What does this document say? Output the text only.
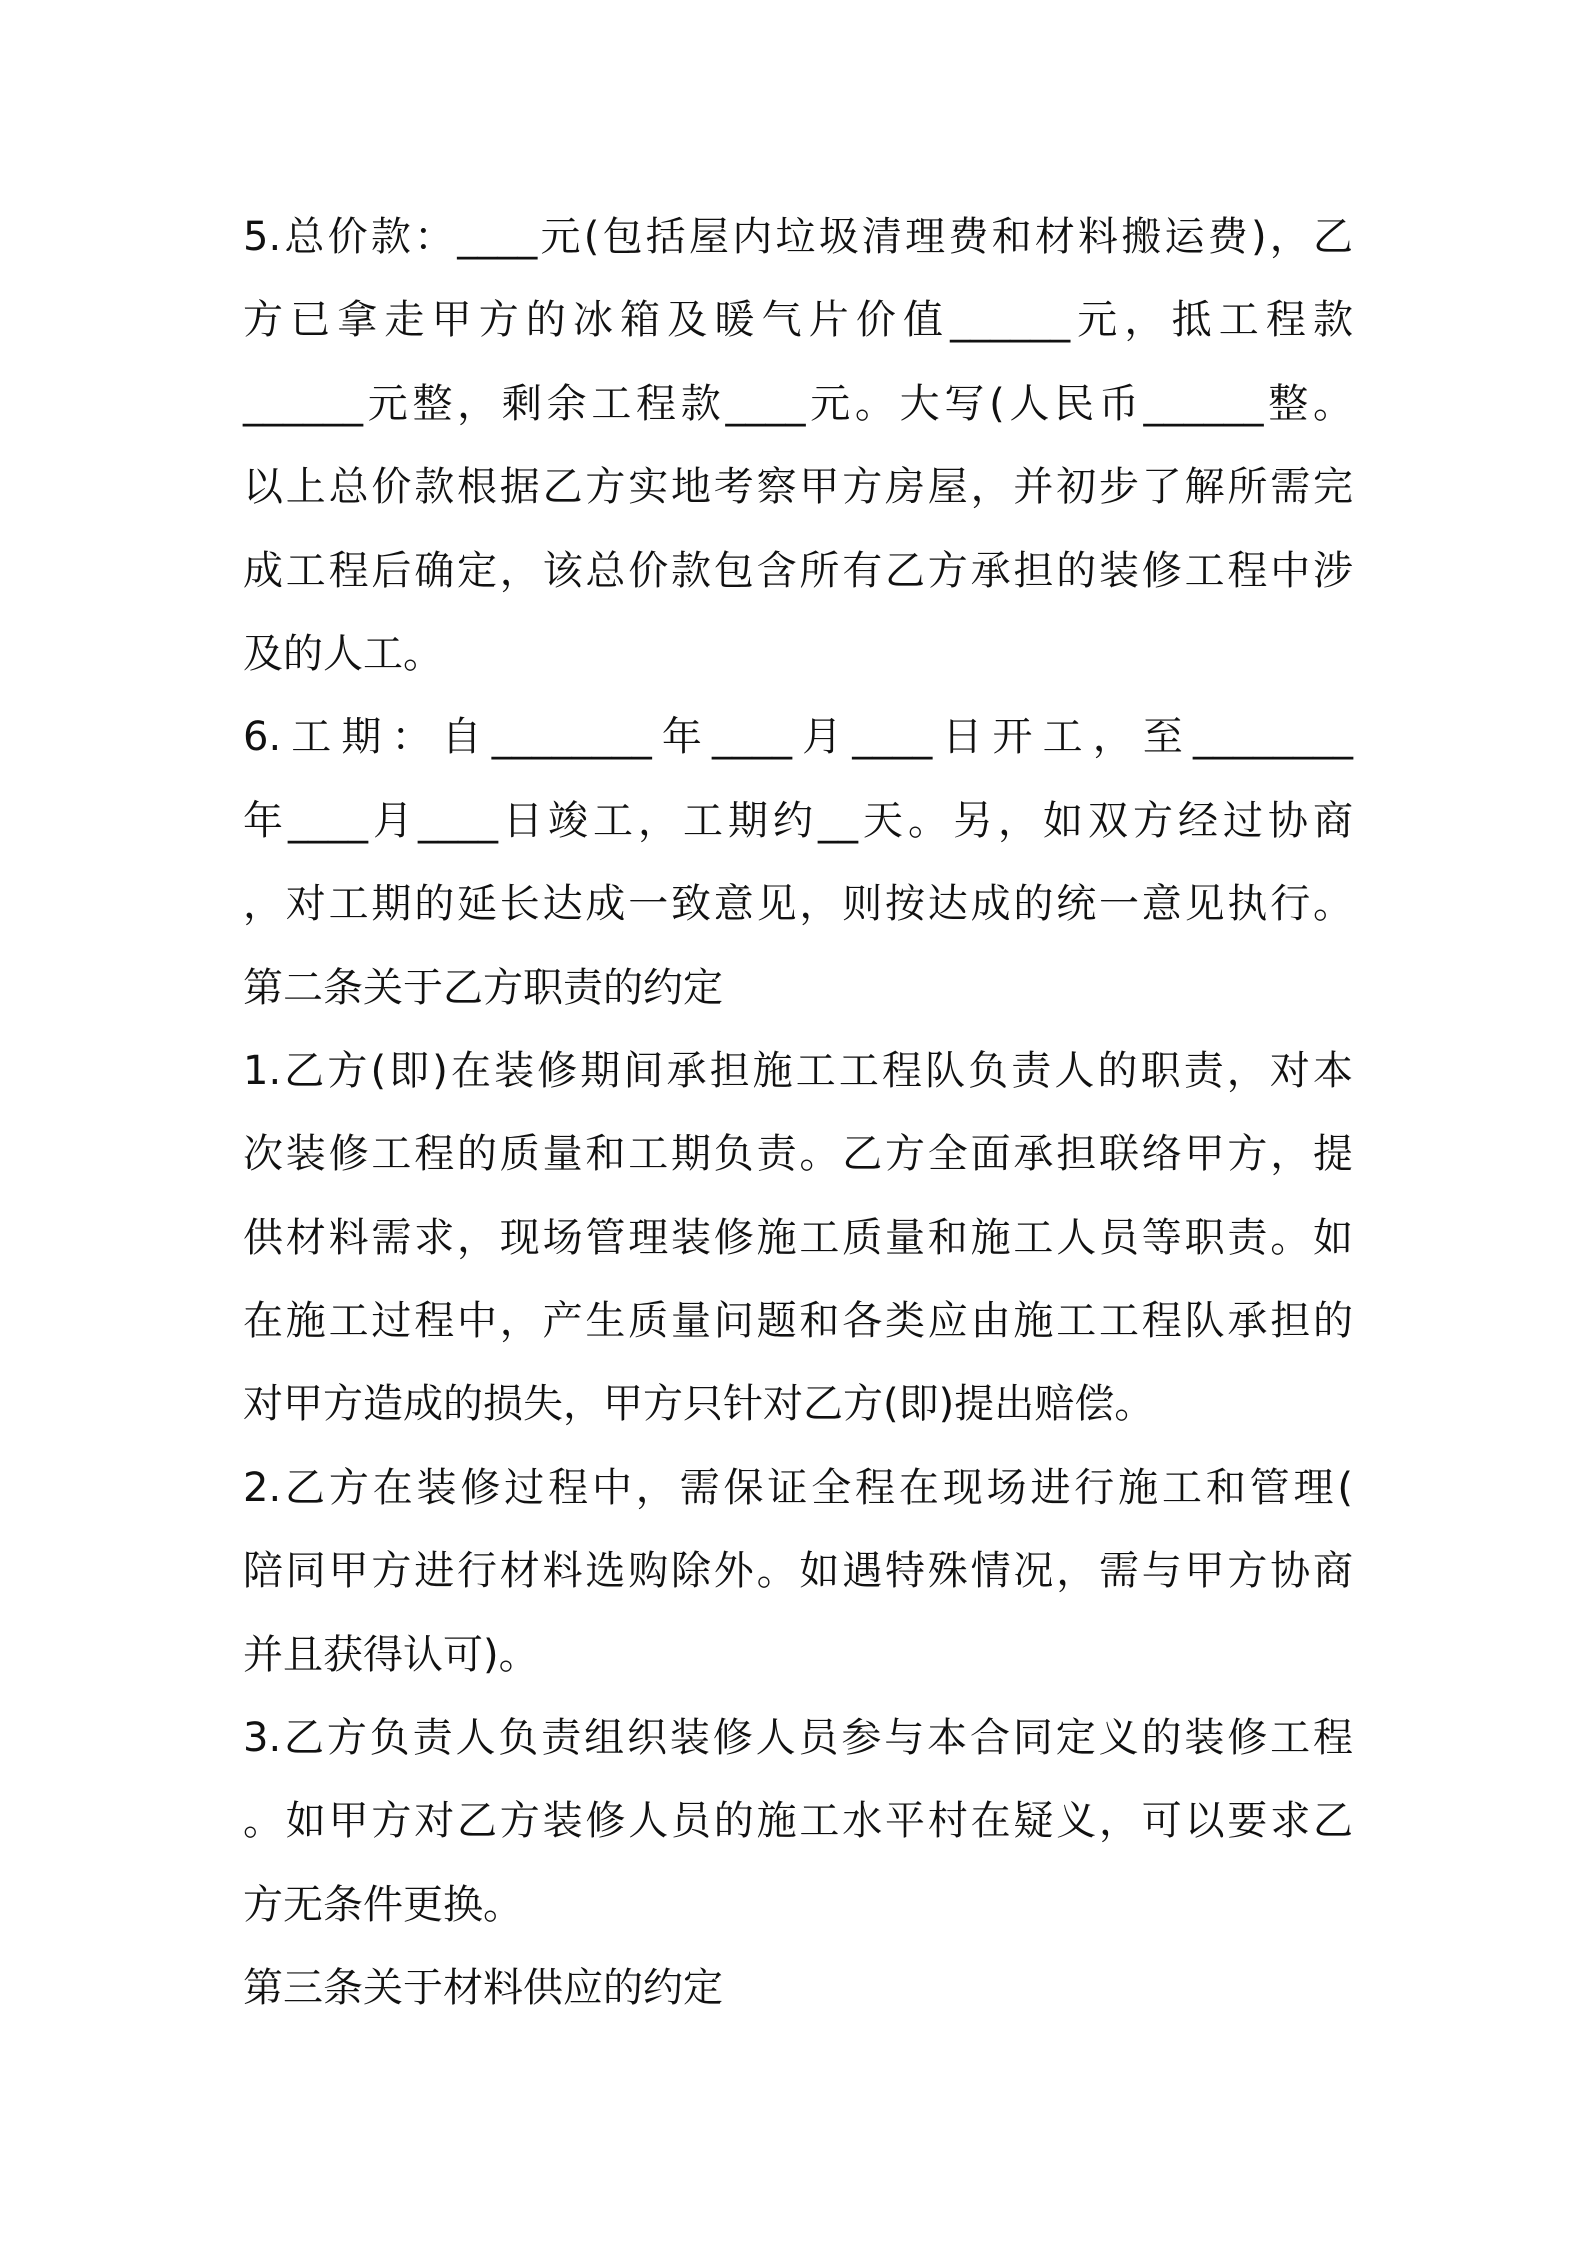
5.总价款：____元(包括屋内垃圾清理费和材料搬运费)，乙
方已拿走甲方的冰箱及暖气片价值______元，抵工程款
______元整，剩余工程款____元。大写(人民币______整。
以上总价款根据乙方实地考察甲方房屋，并初步了解所需完
成工程后确定，该总价款包含所有乙方承担的装修工程中涉
及的人工。
6.工期：自________年____月____日开工，至________
年____月____日竣工，工期约__天。另，如双方经过协商
，对工期的延长达成一致意见，则按达成的统一意见执行。
第二条关于乙方职责的约定
1.乙方(即)在装修期间承担施工工程队负责人的职责，对本
次装修工程的质量和工期负责。乙方全面承担联络甲方，提
供材料需求，现场管理装修施工质量和施工人员等职责。如
在施工过程中，产生质量问题和各类应由施工工程队承担的
对甲方造成的损失，甲方只针对乙方(即)提出赔偿。
2.乙方在装修过程中，需保证全程在现场进行施工和管理(
陪同甲方进行材料选购除外。如遇特殊情况，需与甲方协商
并且获得认可)。
3.乙方负责人负责组织装修人员参与本合同定义的装修工程
。如甲方对乙方装修人员的施工水平村在疑义，可以要求乙
方无条件更换。
第三条关于材料供应的约定
